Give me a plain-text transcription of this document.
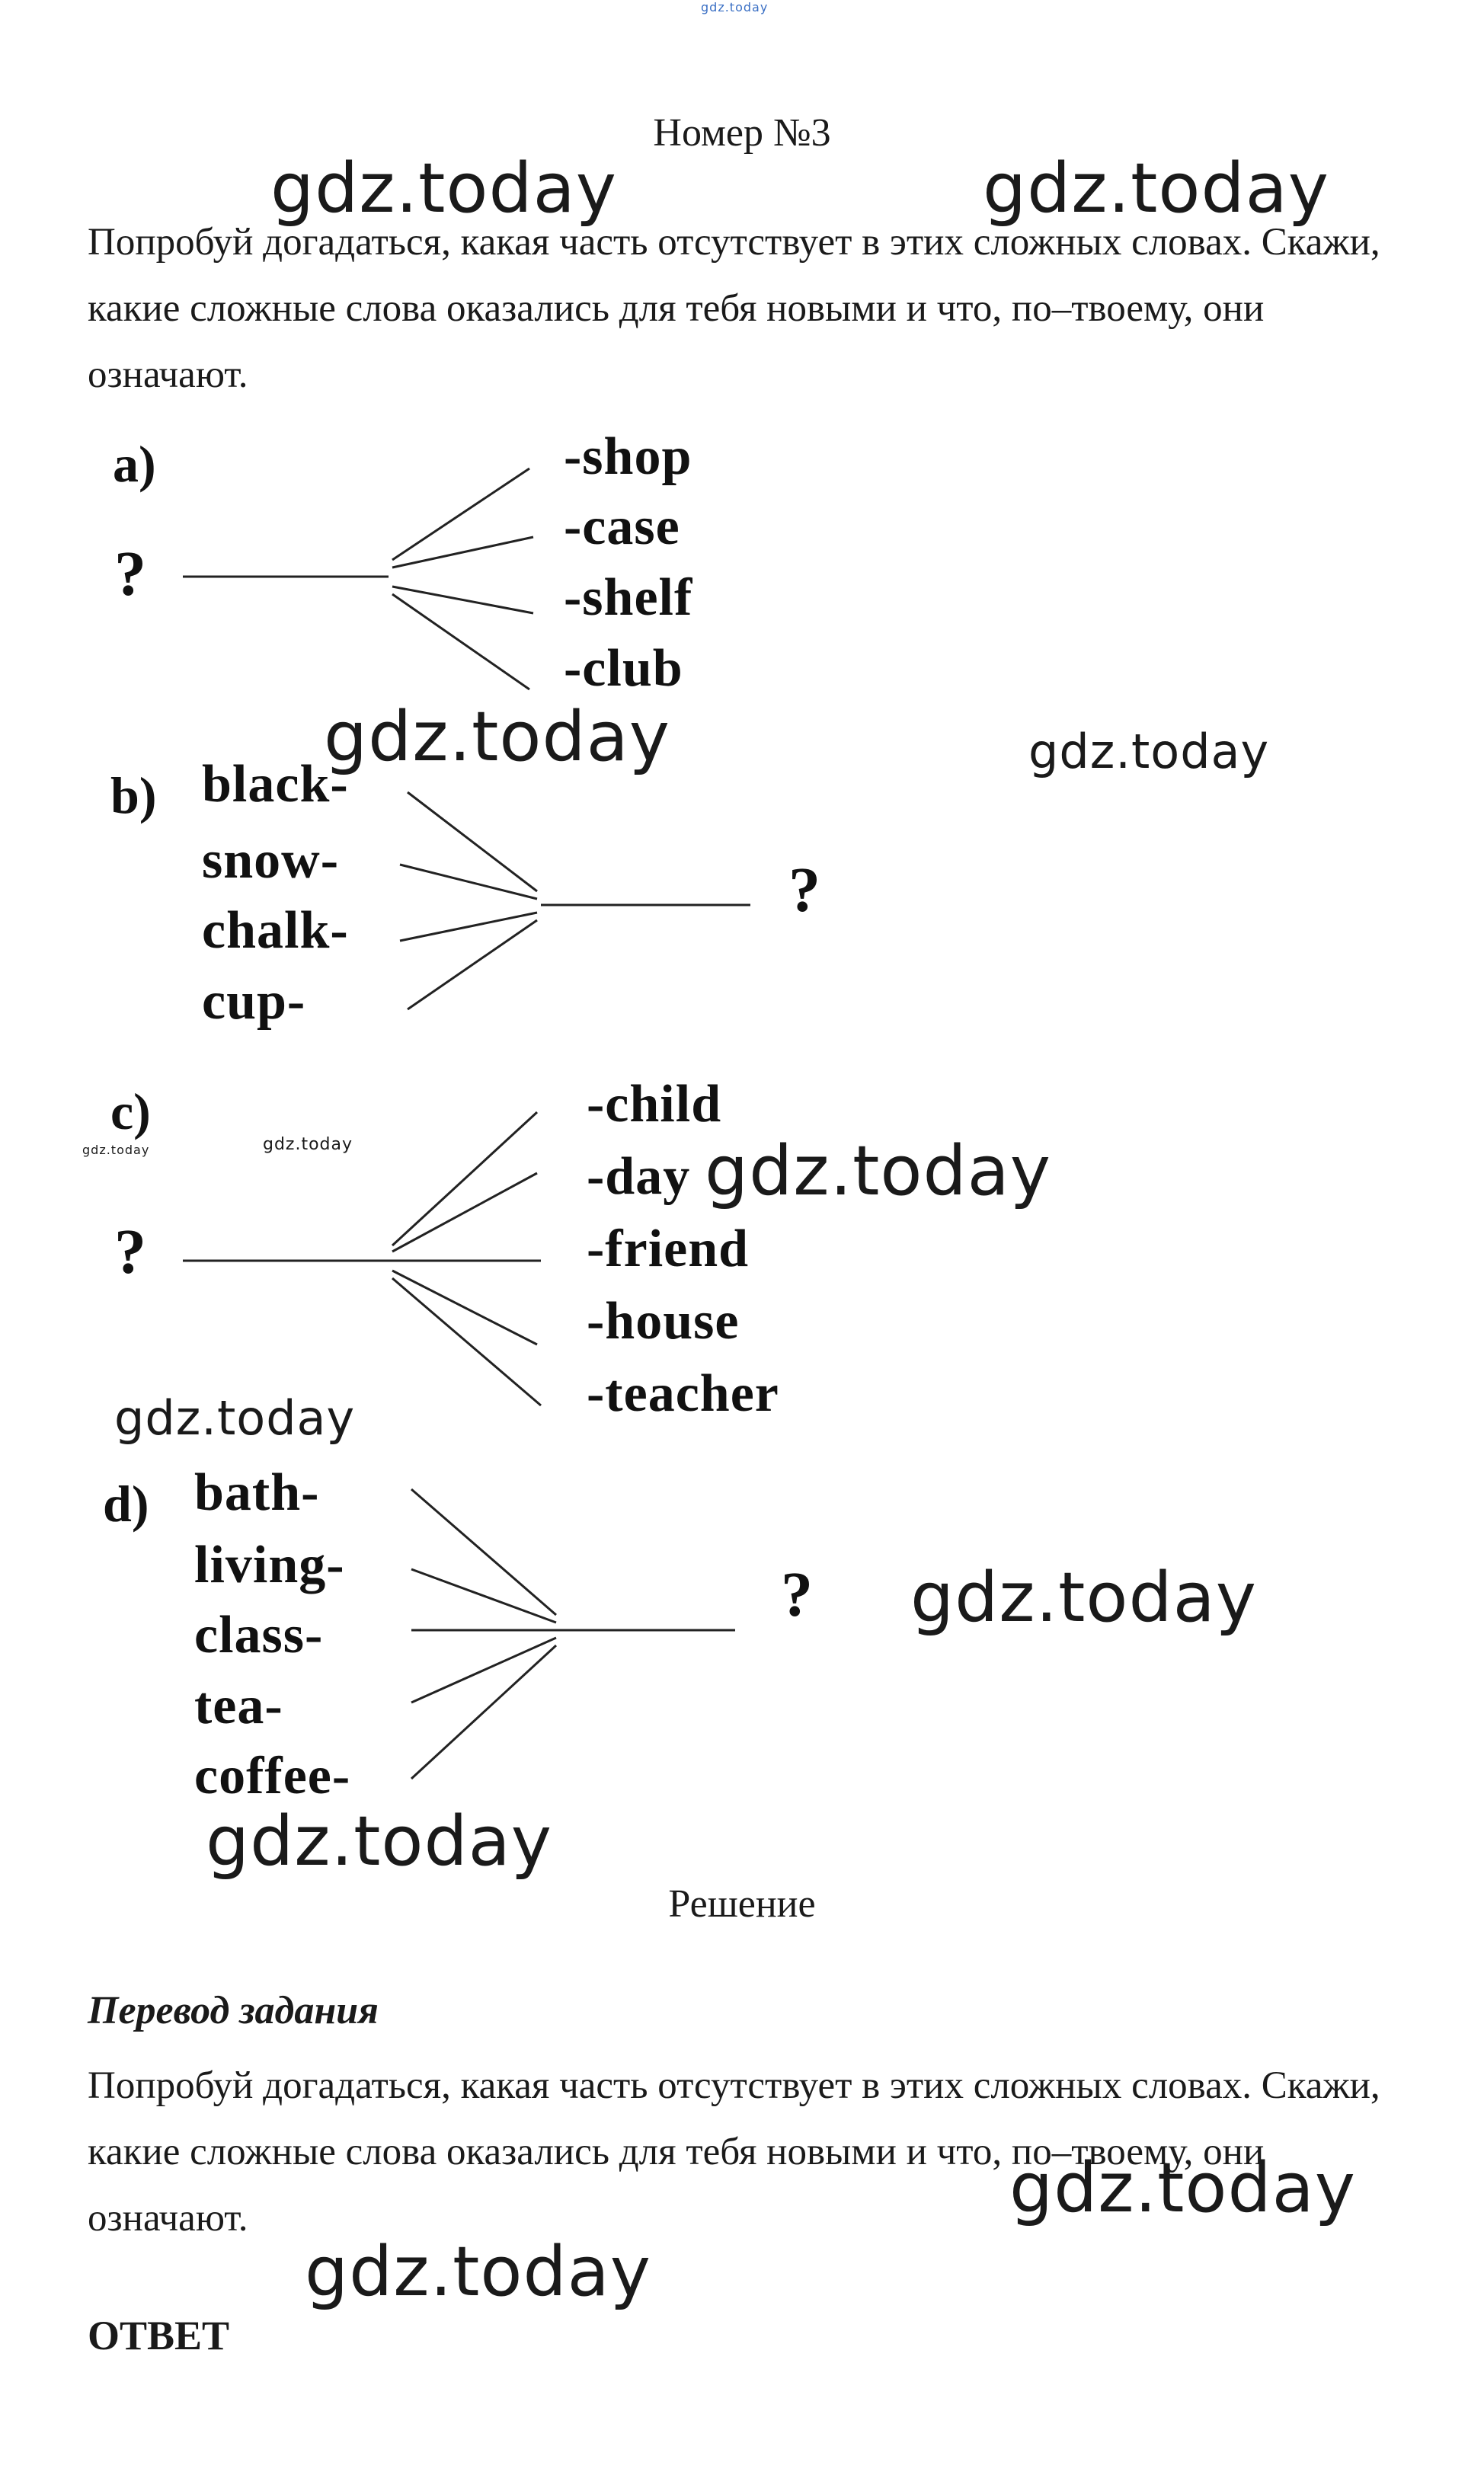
gdz.today
Номер №3
Попробуй догадаться, какая часть отсутствует в этих сложных словах. Скажи, какие сложные слова оказались для тебя новыми и что, по–твоему, они означают.
a)
?
-shop
-case
-shelf
-club
b) black-
snow-
chalk-
cup-
?
c)
?
-child
-day
-friend
-house
-teacher
d) bath-
living-
class-
tea-
coffee-
?
Решение
Перевод задания
Попробуй догадаться, какая часть отсутствует в этих сложных словах. Скажи, какие сложные слова оказались для тебя новыми и что, по–твоему, они означают.
ОТВЕТ
gdz.today	gdz.today
gdz.today	gdz.today
gdz.today
gdz.today	gdz.today
gdz.today
gdz.today
gdz.today
gdz.today
gdz.today
